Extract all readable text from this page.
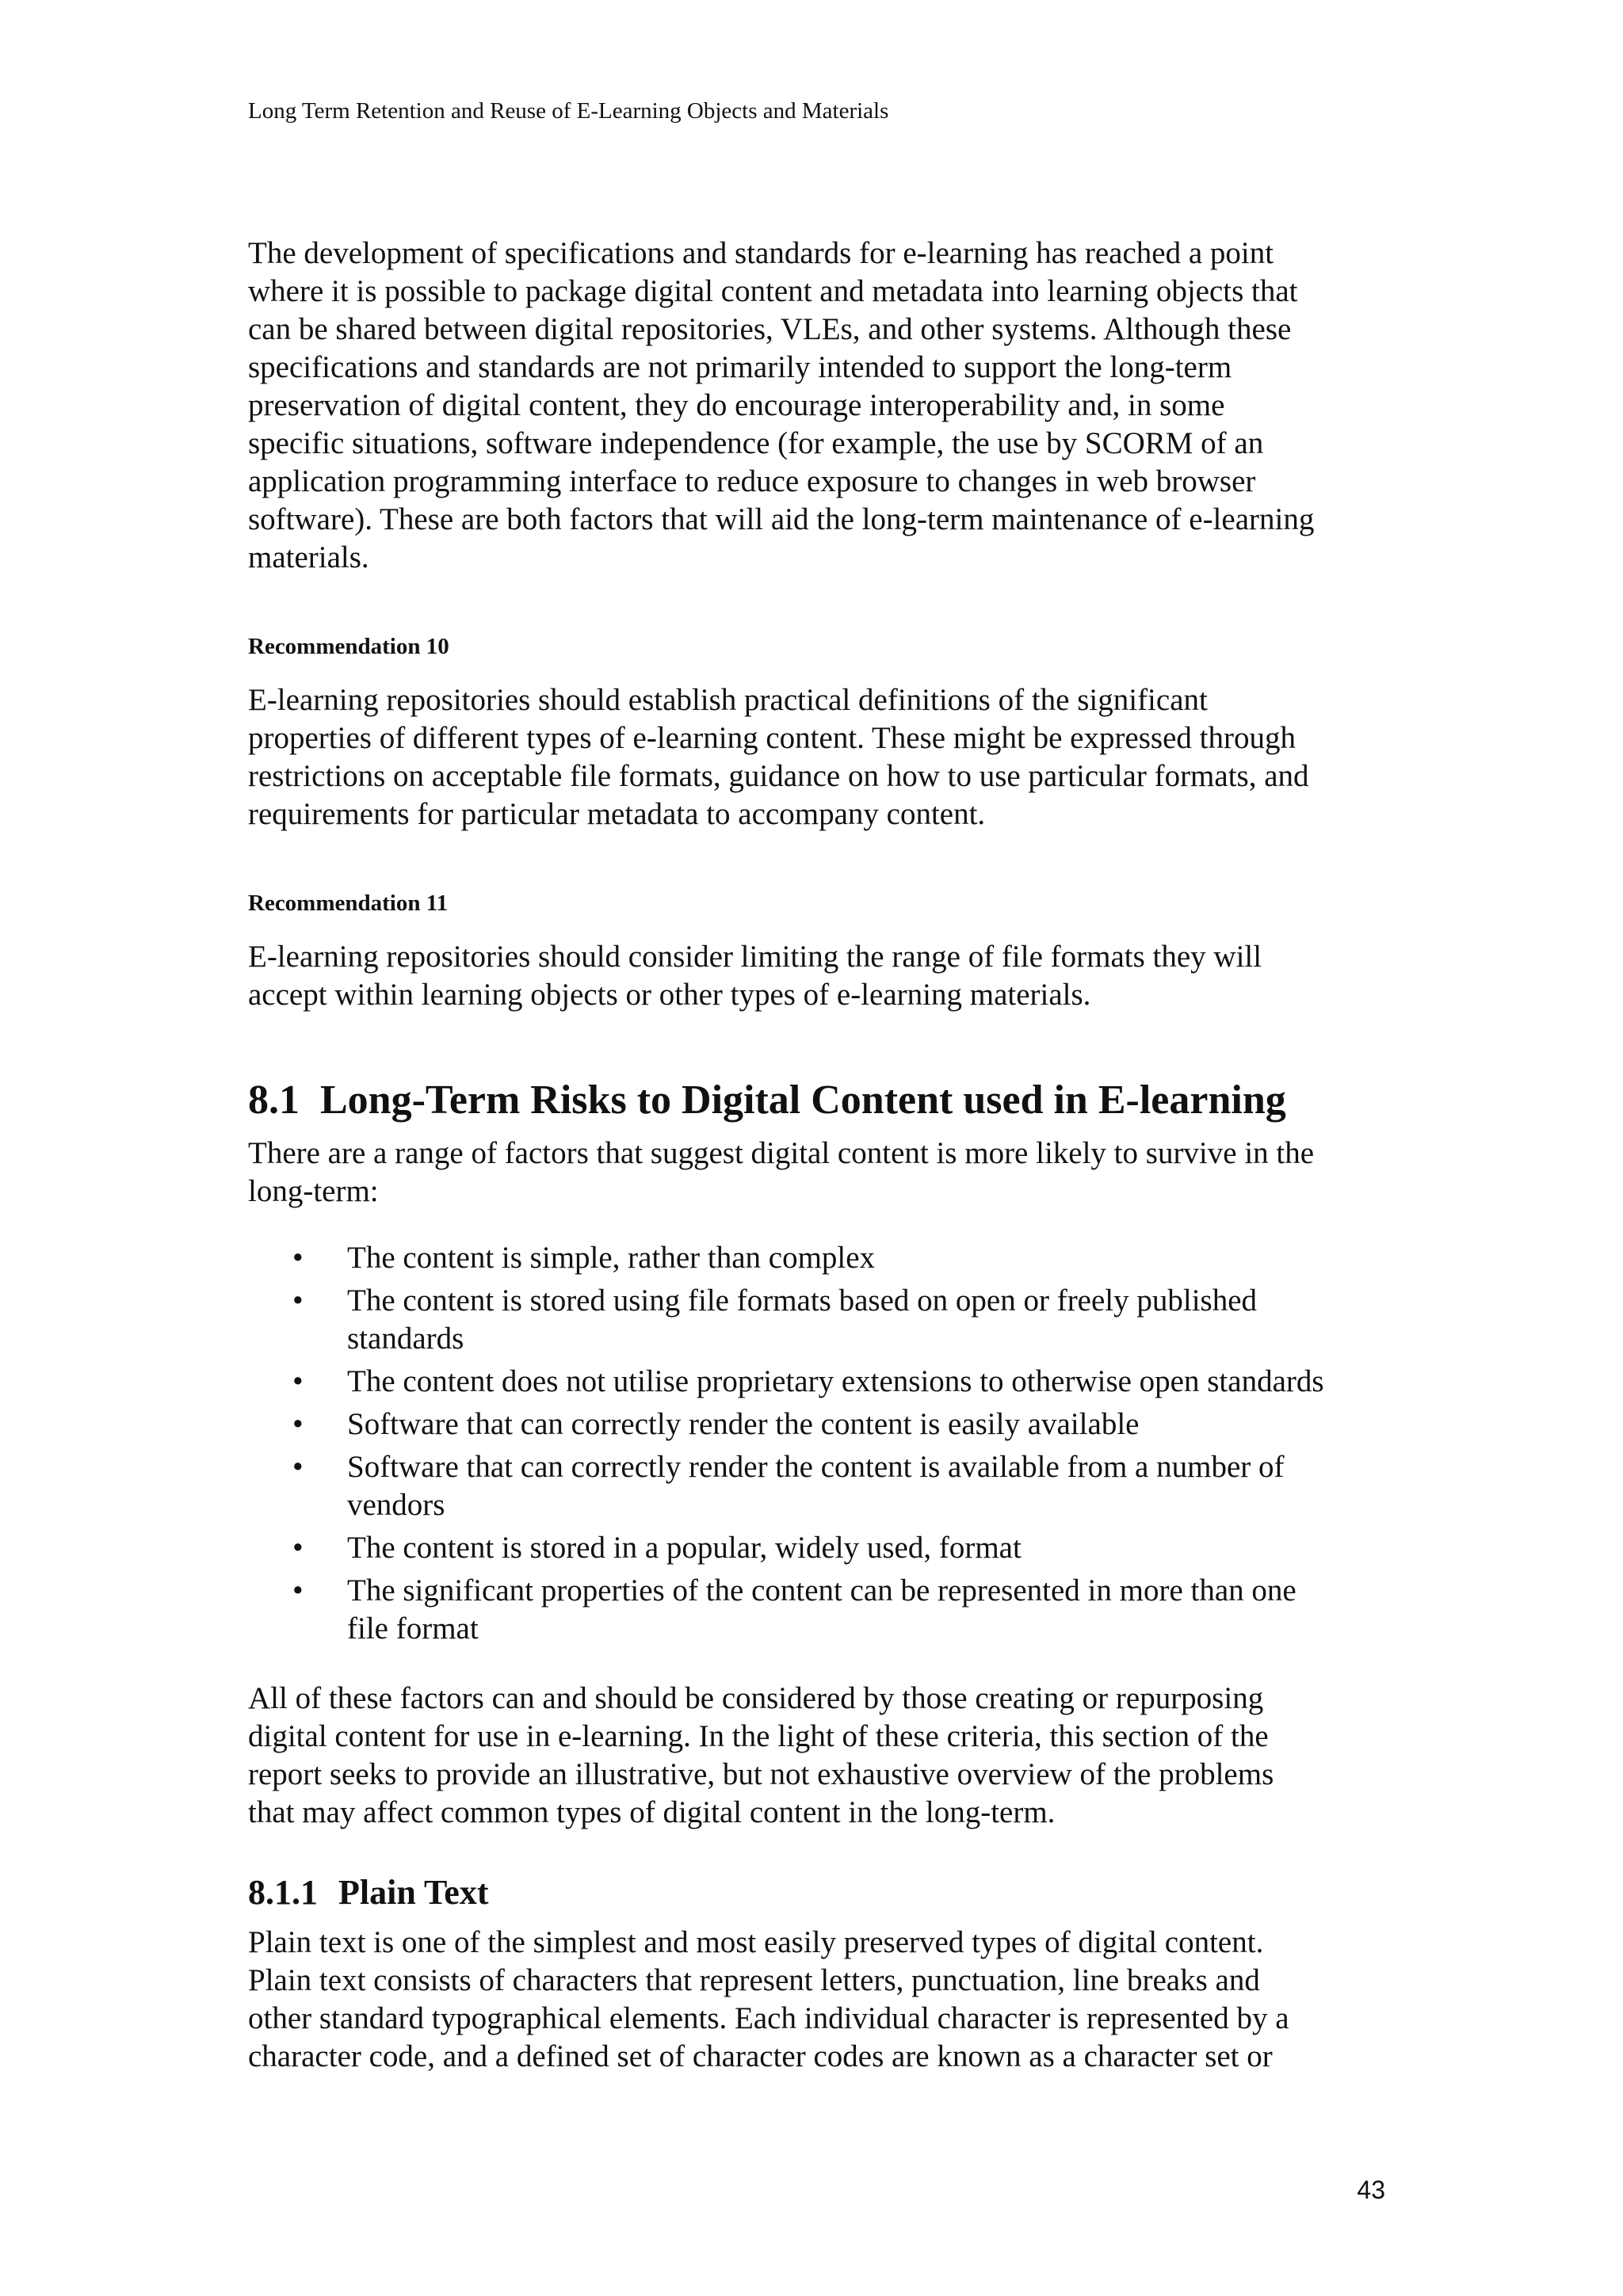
Long Term Retention and Reuse of E-Learning Objects and Materials

The development of specifications and standards for e-learning has reached a point
where it is possible to package digital content and metadata into learning objects that
can be shared between digital repositories, VLEs, and other systems. Although these
specifications and standards are not primarily intended to support the long-term
preservation of digital content, they do encourage interoperability and, in some
specific situations, software independence (for example, the use by SCORM of an
application programming interface to reduce exposure to changes in web browser
software). These are both factors that will aid the long-term maintenance of e-learning
materials.

Recommendation 10

E-learning repositories should establish practical definitions of the significant
properties of different types of e-learning content. These might be expressed through
restrictions on acceptable file formats, guidance on how to use particular formats, and
requirements for particular metadata to accompany content.

Recommendation 11

E-learning repositories should consider limiting the range of file formats they will
accept within learning objects or other types of e-learning materials.

8.1 Long-Term Risks to Digital Content used in E-learning

There are a range of factors that suggest digital content is more likely to survive in the
long-term:

• The content is simple, rather than complex
• The content is stored using file formats based on open or freely published
standards
• The content does not utilise proprietary extensions to otherwise open standards
• Software that can correctly render the content is easily available
• Software that can correctly render the content is available from a number of
vendors
• The content is stored in a popular, widely used, format
• The significant properties of the content can be represented in more than one
file format

All of these factors can and should be considered by those creating or repurposing
digital content for use in e-learning. In the light of these criteria, this section of the
report seeks to provide an illustrative, but not exhaustive overview of the problems
that may affect common types of digital content in the long-term.

8.1.1 Plain Text

Plain text is one of the simplest and most easily preserved types of digital content.
Plain text consists of characters that represent letters, punctuation, line breaks and
other standard typographical elements. Each individual character is represented by a
character code, and a defined set of character codes are known as a character set or

43
